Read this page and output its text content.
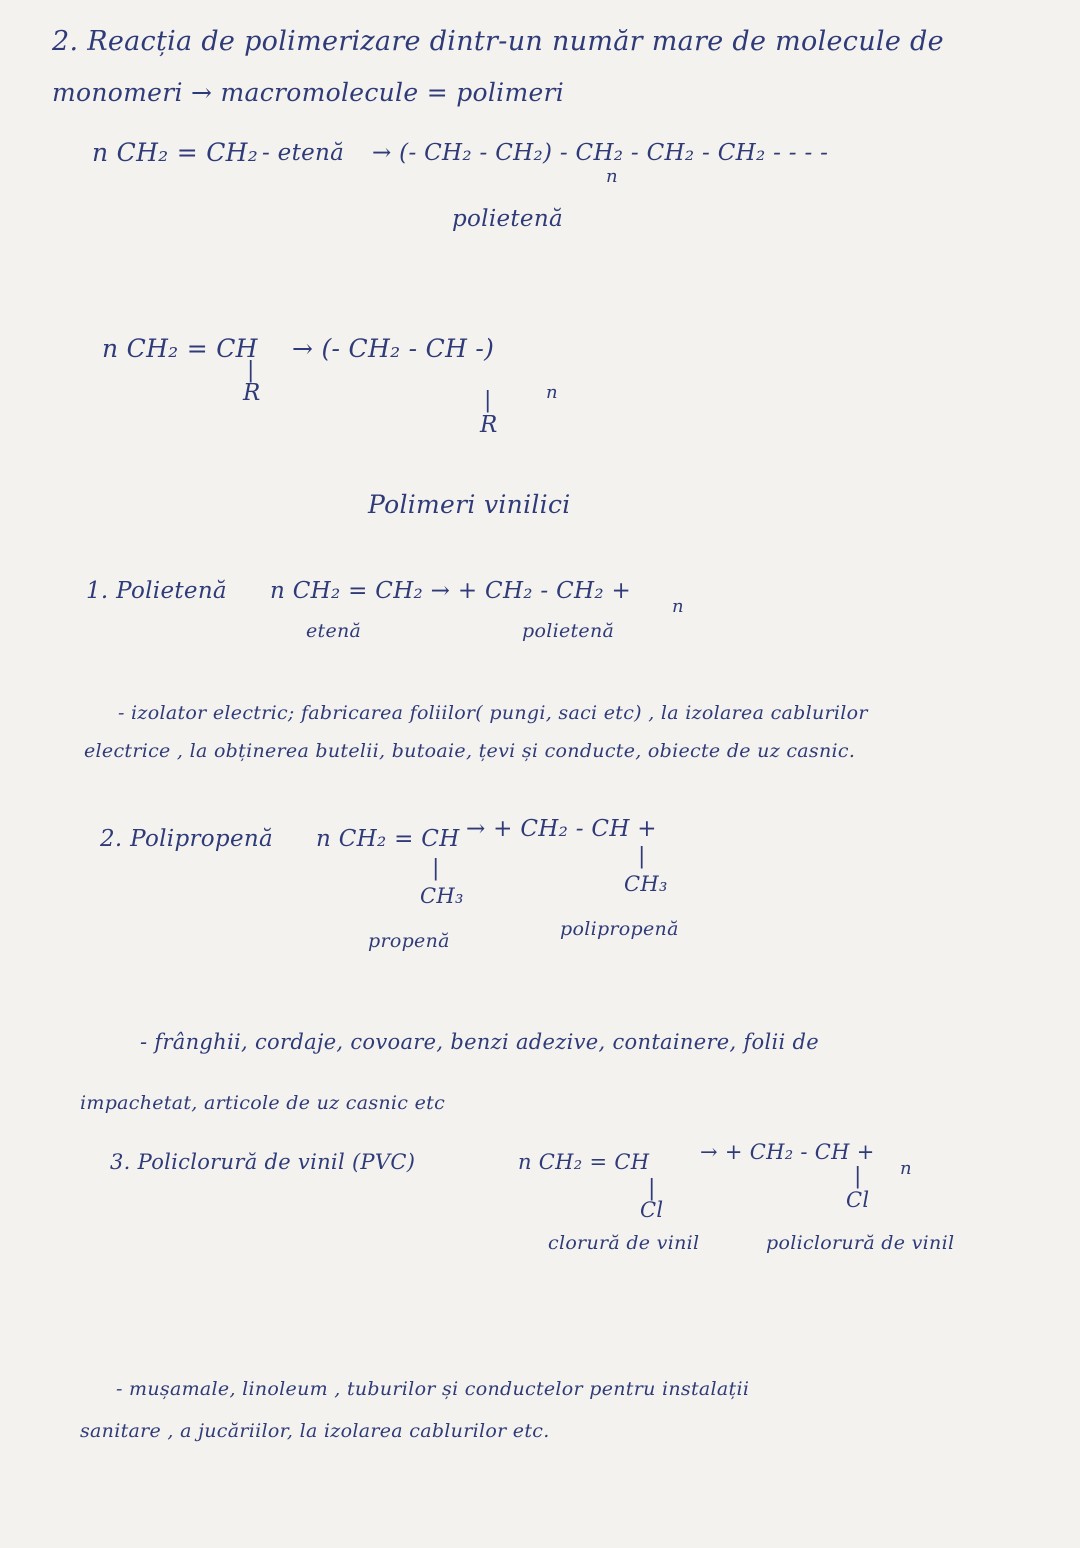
2. Reacția de polimerizare dintr-un număr mare de molecule de
monomeri → macromolecule = polimeri
n CH₂ = CH₂ - etenă → (- CH₂ - CH₂) - CH₂ - CH₂ - CH₂ - - - -
n
polietenă
n CH₂ = CH
|
R
→ (- CH₂ - CH -)
n
|
R
Polimeri vinilici
1. Polietenă n CH₂ = CH₂ → + CH₂ - CH₂ +
n
etenă	polietenă
- izolator electric; fabricarea foliilor( pungi, saci etc) , la izolarea cablurilor
electrice , la obținerea butelii, butoaie, țevi și conducte, obiecte de uz casnic.
2. Polipropenă n CH₂ = CH → + CH₂ - CH +
|	|
CH₃	CH₃
propenă
polipropenă
- frânghii, cordaje, covoare, benzi adezive, containere, folii de
impachetat, articole de uz casnic etc
3. Policlorură de vinil (PVC)	n CH₂ = CH → + CH₂ - CH +
n
|	|
Cl	Cl
clorură de vinil	policlorură de vinil
- mușamale, linoleum , tuburilor și conductelor pentru instalații
sanitare , a jucăriilor, la izolarea cablurilor etc.
